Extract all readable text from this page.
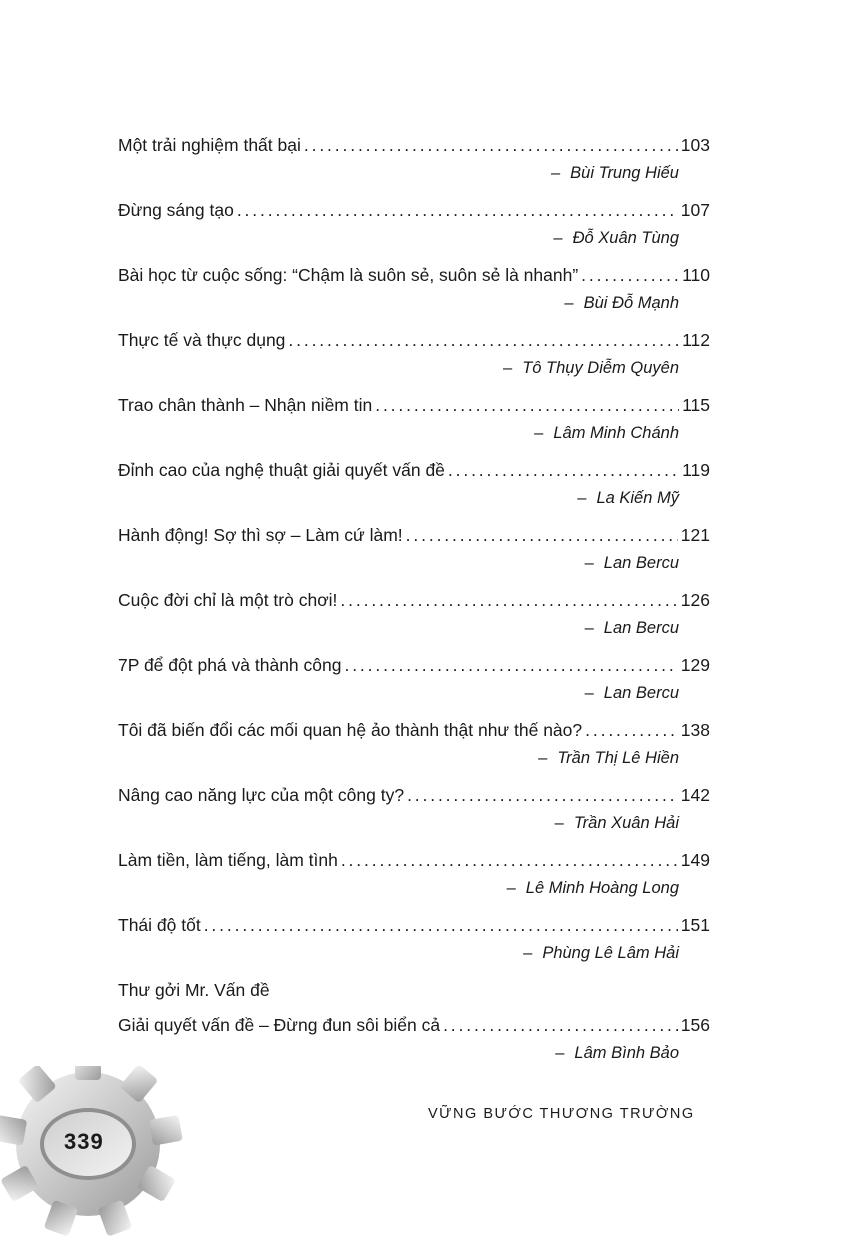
Một trải nghiệm thất bại . . .	103
– Bùi Trung Hiếu
Đừng sáng tạo . . .	107
– Đỗ Xuân Tùng
Bài học từ cuộc sống: “Chậm là suôn sẻ, suôn sẻ là nhanh” . . .	110
– Bùi Đỗ Mạnh
Thực tế và thực dụng . . .	112
– Tô Thụy Diễm Quyên
Trao chân thành – Nhận niềm tin . . .	115
– Lâm Minh Chánh
Đỉnh cao của nghệ thuật giải quyết vấn đề . . .	119
– La Kiến Mỹ
Hành động! Sợ thì sợ – Làm cứ làm! . . .	121
– Lan Bercu
Cuộc đời chỉ là một trò chơi! . . .	126
– Lan Bercu
7P để đột phá và thành công . . .	129
– Lan Bercu
Tôi đã biến đổi các mối quan hệ ảo thành thật như thế nào? . . .	138
– Trần Thị Lê Hiền
Nâng cao năng lực của một công ty? . . .	142
– Trần Xuân Hải
Làm tiền, làm tiếng, làm tình . . .	149
– Lê Minh Hoàng Long
Thái độ tốt . . .	151
– Phùng Lê Lâm Hải
Thư gởi Mr. Vấn đề
Giải quyết vấn đề – Đừng đun sôi biển cả . . .	156
– Lâm Bình Bảo
VỮNG BƯỚC THƯƠNG TRƯỜNG
339
